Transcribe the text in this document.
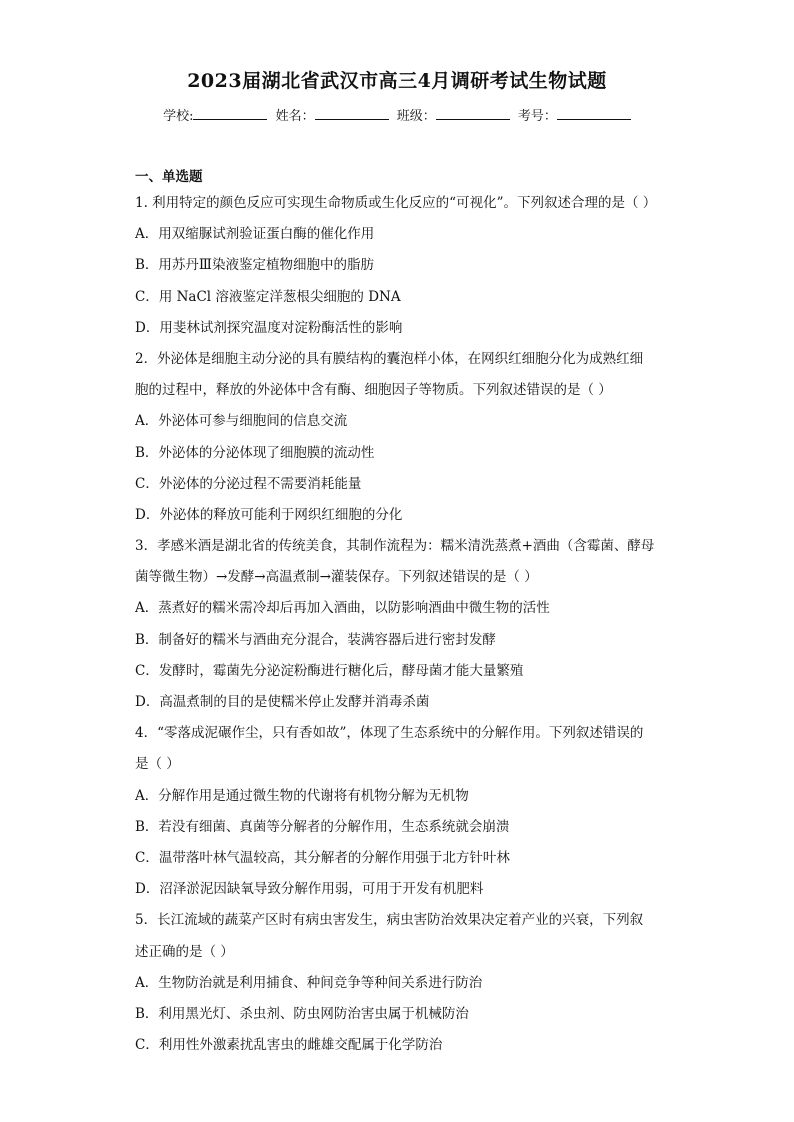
2023届湖北省武汉市高三4月调研考试生物试题
学校:	姓名：	班级：	考号：
一、单选题
1. 利用特定的颜色反应可实现生命物质或生化反应的“可视化”。下列叙述合理的是（ ）
A．用双缩脲试剂验证蛋白酶的催化作用
B．用苏丹Ⅲ染液鉴定植物细胞中的脂肪
C．用 NaCl 溶液鉴定洋葱根尖细胞的 DNA
D．用斐林试剂探究温度对淀粉酶活性的影响
2．外泌体是细胞主动分泌的具有膜结构的囊泡样小体，在网织红细胞分化为成熟红细
胞的过程中，释放的外泌体中含有酶、细胞因子等物质。下列叙述错误的是（ ）
A．外泌体可参与细胞间的信息交流
B．外泌体的分泌体现了细胞膜的流动性
C．外泌体的分泌过程不需要消耗能量
D．外泌体的释放可能利于网织红细胞的分化
3．孝感米酒是湖北省的传统美食，其制作流程为：糯米清洗蒸煮+酒曲（含霉菌、酵母
菌等微生物）→发酵→高温煮制→灌装保存。下列叙述错误的是（ ）
A．蒸煮好的糯米需冷却后再加入酒曲，以防影响酒曲中微生物的活性
B．制备好的糯米与酒曲充分混合，装满容器后进行密封发酵
C．发酵时，霉菌先分泌淀粉酶进行糖化后，酵母菌才能大量繁殖
D．高温煮制的目的是使糯米停止发酵并消毒杀菌
4．“零落成泥碾作尘，只有香如故”，体现了生态系统中的分解作用。下列叙述错误的
是（ ）
A．分解作用是通过微生物的代谢将有机物分解为无机物
B．若没有细菌、真菌等分解者的分解作用，生态系统就会崩溃
C．温带落叶林气温较高，其分解者的分解作用强于北方针叶林
D．沼泽淤泥因缺氧导致分解作用弱，可用于开发有机肥料
5．长江流域的蔬菜产区时有病虫害发生，病虫害防治效果决定着产业的兴衰，下列叙
述正确的是（ ）
A．生物防治就是利用捕食、种间竞争等种间关系进行防治
B．利用黑光灯、杀虫剂、防虫网防治害虫属于机械防治
C．利用性外激素扰乱害虫的雌雄交配属于化学防治
